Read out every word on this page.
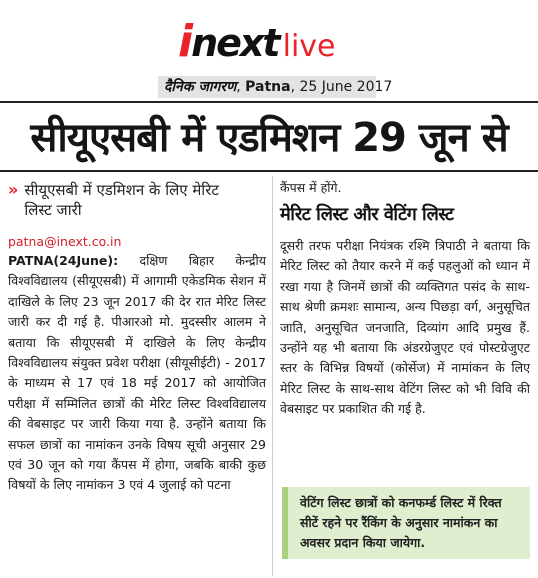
i next live
दैनिक जागरण, Patna, 25 June 2017
सीयूएसबी में एडमिशन 29 जून से
» सीयूएसबी में एडमिशन के लिए मेरिट लिस्ट जारी
patna@inext.co.in
PATNA(24June): दक्षिण बिहार केन्द्रीय विश्वविद्यालय (सीयूएसबी) में आगामी एकेडमिक सेशन में दाखिले के लिए 23 जून 2017 की देर रात मेरिट लिस्ट जारी कर दी गई है. पीआरओ मो. मुदस्सीर आलम ने बताया कि सीयूएसबी में दाखिले के लिए केन्द्रीय विश्वविद्यालय संयुक्त प्रवेश परीक्षा (सीयूसीईटी) - 2017 के माध्यम से 17 एवं 18 मई 2017 को आयोजित परीक्षा में सम्मिलित छात्रों की मेरिट लिस्ट विश्वविद्यालय की वेबसाइट पर जारी किया गया है. उन्होंने बताया कि सफल छात्रों का नामांकन उनके विषय सूची अनुसार 29 एवं 30 जून को गया कैंपस में होगा, जबकि बाकी कुछ विषयों के लिए नामांकन 3 एवं 4 जुलाई को पटना
कैंपस में होंगे.
मेरिट लिस्ट और वेटिंग लिस्ट
दूसरी तरफ परीक्षा नियंत्रक रश्मि त्रिपाठी ने बताया कि मेरिट लिस्ट को तैयार करने में कई पहलुओं को ध्यान में रखा गया है जिनमें छात्रों की व्यक्तिगत पसंद के साथ-साथ श्रेणी क्रमशः सामान्य, अन्य पिछड़ा वर्ग, अनुसूचित जाति, अनुसूचित जनजाति, दिव्यांग आदि प्रमुख हैं. उन्होंने यह भी बताया कि अंडरग्रेजुएट एवं पोस्टग्रेजुएट स्तर के विभिन्न विषयों (कोर्सेज) में नामांकन के लिए मेरिट लिस्ट के साथ-साथ वेटिंग लिस्ट को भी विवि की वेबसाइट पर प्रकाशित की गई है.
वेटिंग लिस्ट छात्रों को कनफर्म्ड लिस्ट में रिक्त सीटें रहने पर रैंकिंग के अनुसार नामांकन का अवसर प्रदान किया जायेगा.
